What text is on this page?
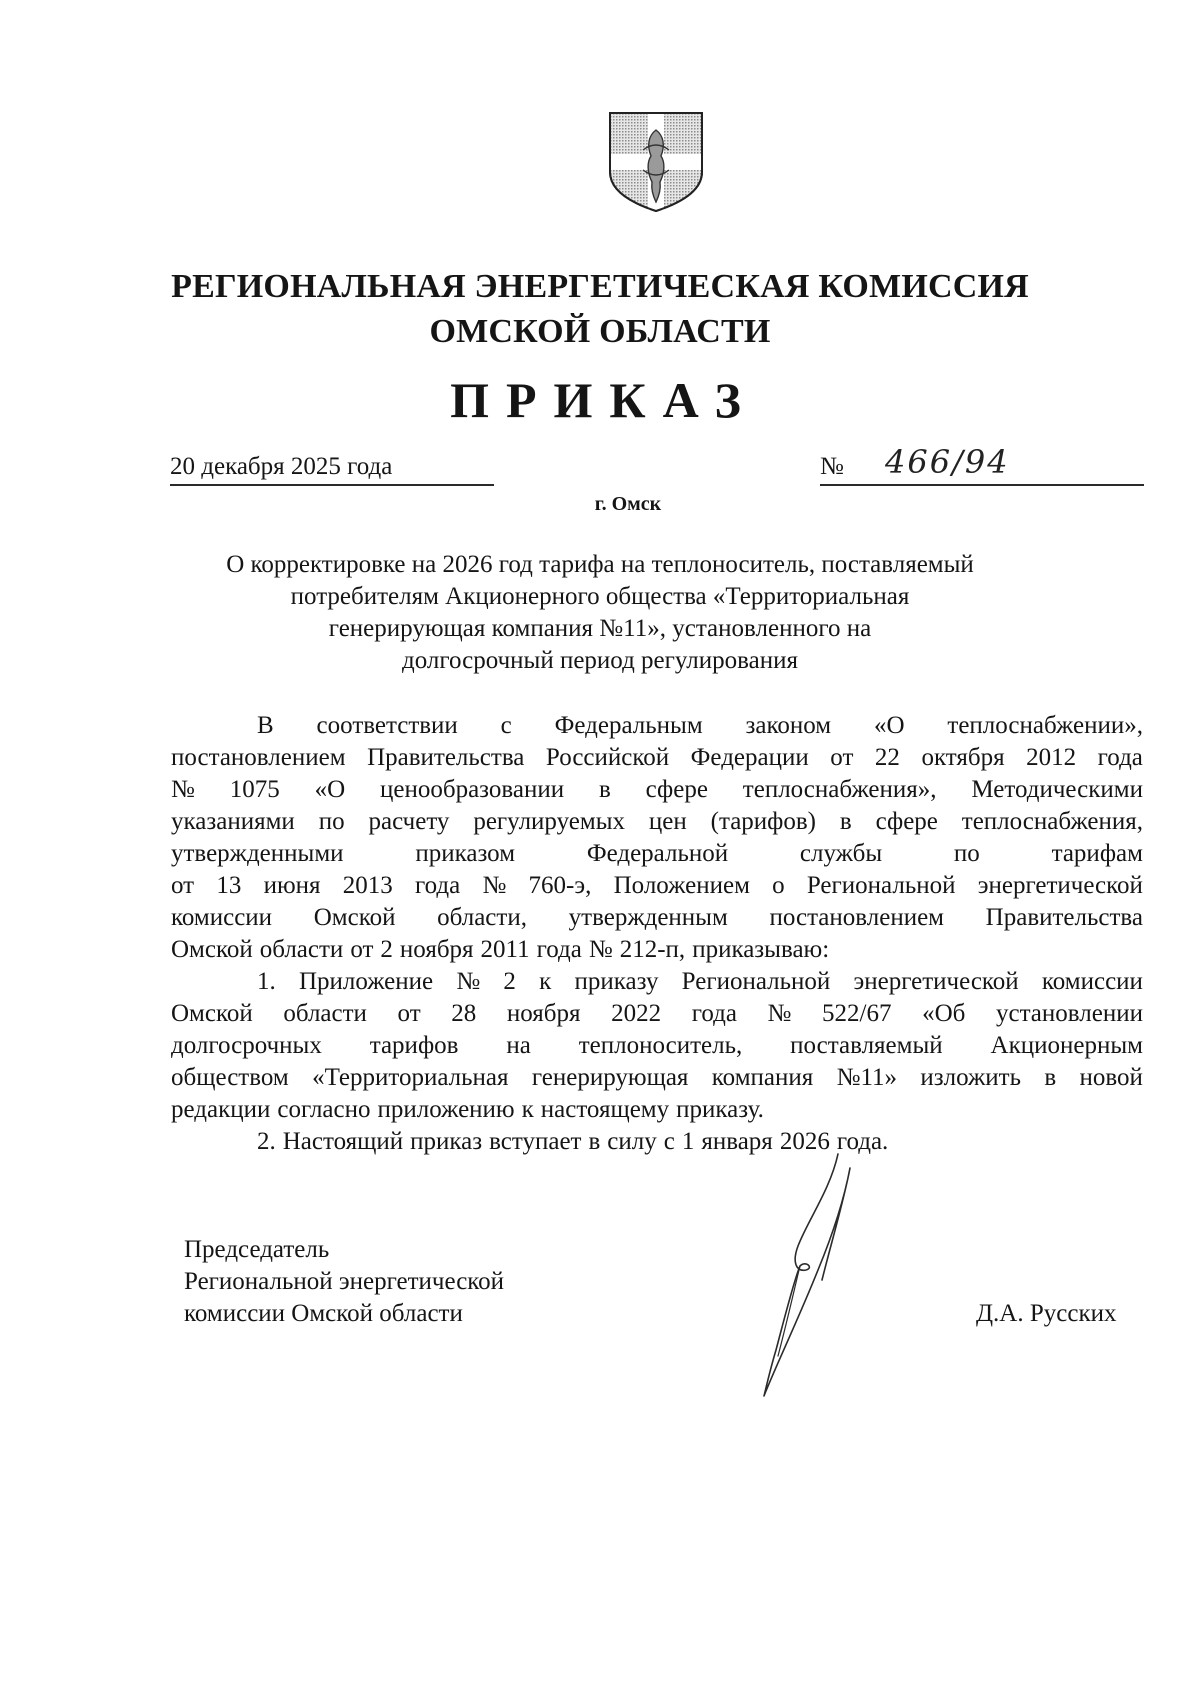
РЕГИОНАЛЬНАЯ ЭНЕРГЕТИЧЕСКАЯ КОМИССИЯ
ОМСКОЙ ОБЛАСТИ
ПРИКАЗ
20 декабря 2025 года	№ 466/94
г. Омск
О корректировке на 2026 год тарифа на теплоноситель, поставляемый
потребителям Акционерного общества «Территориальная
генерирующая компания №11», установленного на
долгосрочный период регулирования
В соответствии с Федеральным законом «О теплоснабжении»,
постановлением Правительства Российской Федерации от 22 октября 2012 года
№ 1075 «О ценообразовании в сфере теплоснабжения», Методическими
указаниями по расчету регулируемых цен (тарифов) в сфере теплоснабжения,
утвержденными	приказом	Федеральной	службы	по	тарифам
от 13 июня 2013 года № 760-э, Положением о Региональной энергетической
комиссии Омской области, утвержденным постановлением Правительства
Омской области от 2 ноября 2011 года № 212-п, приказываю:
1. Приложение № 2 к приказу Региональной энергетической комиссии
Омской области от 28 ноября 2022 года № 522/67 «Об установлении
долгосрочных тарифов на теплоноситель, поставляемый Акционерным
обществом «Территориальная генерирующая компания №11» изложить в новой
редакции согласно приложению к настоящему приказу.
2. Настоящий приказ вступает в силу с 1 января 2026 года.
Председатель
Региональной энергетической
комиссии Омской области	Д.А. Русских
